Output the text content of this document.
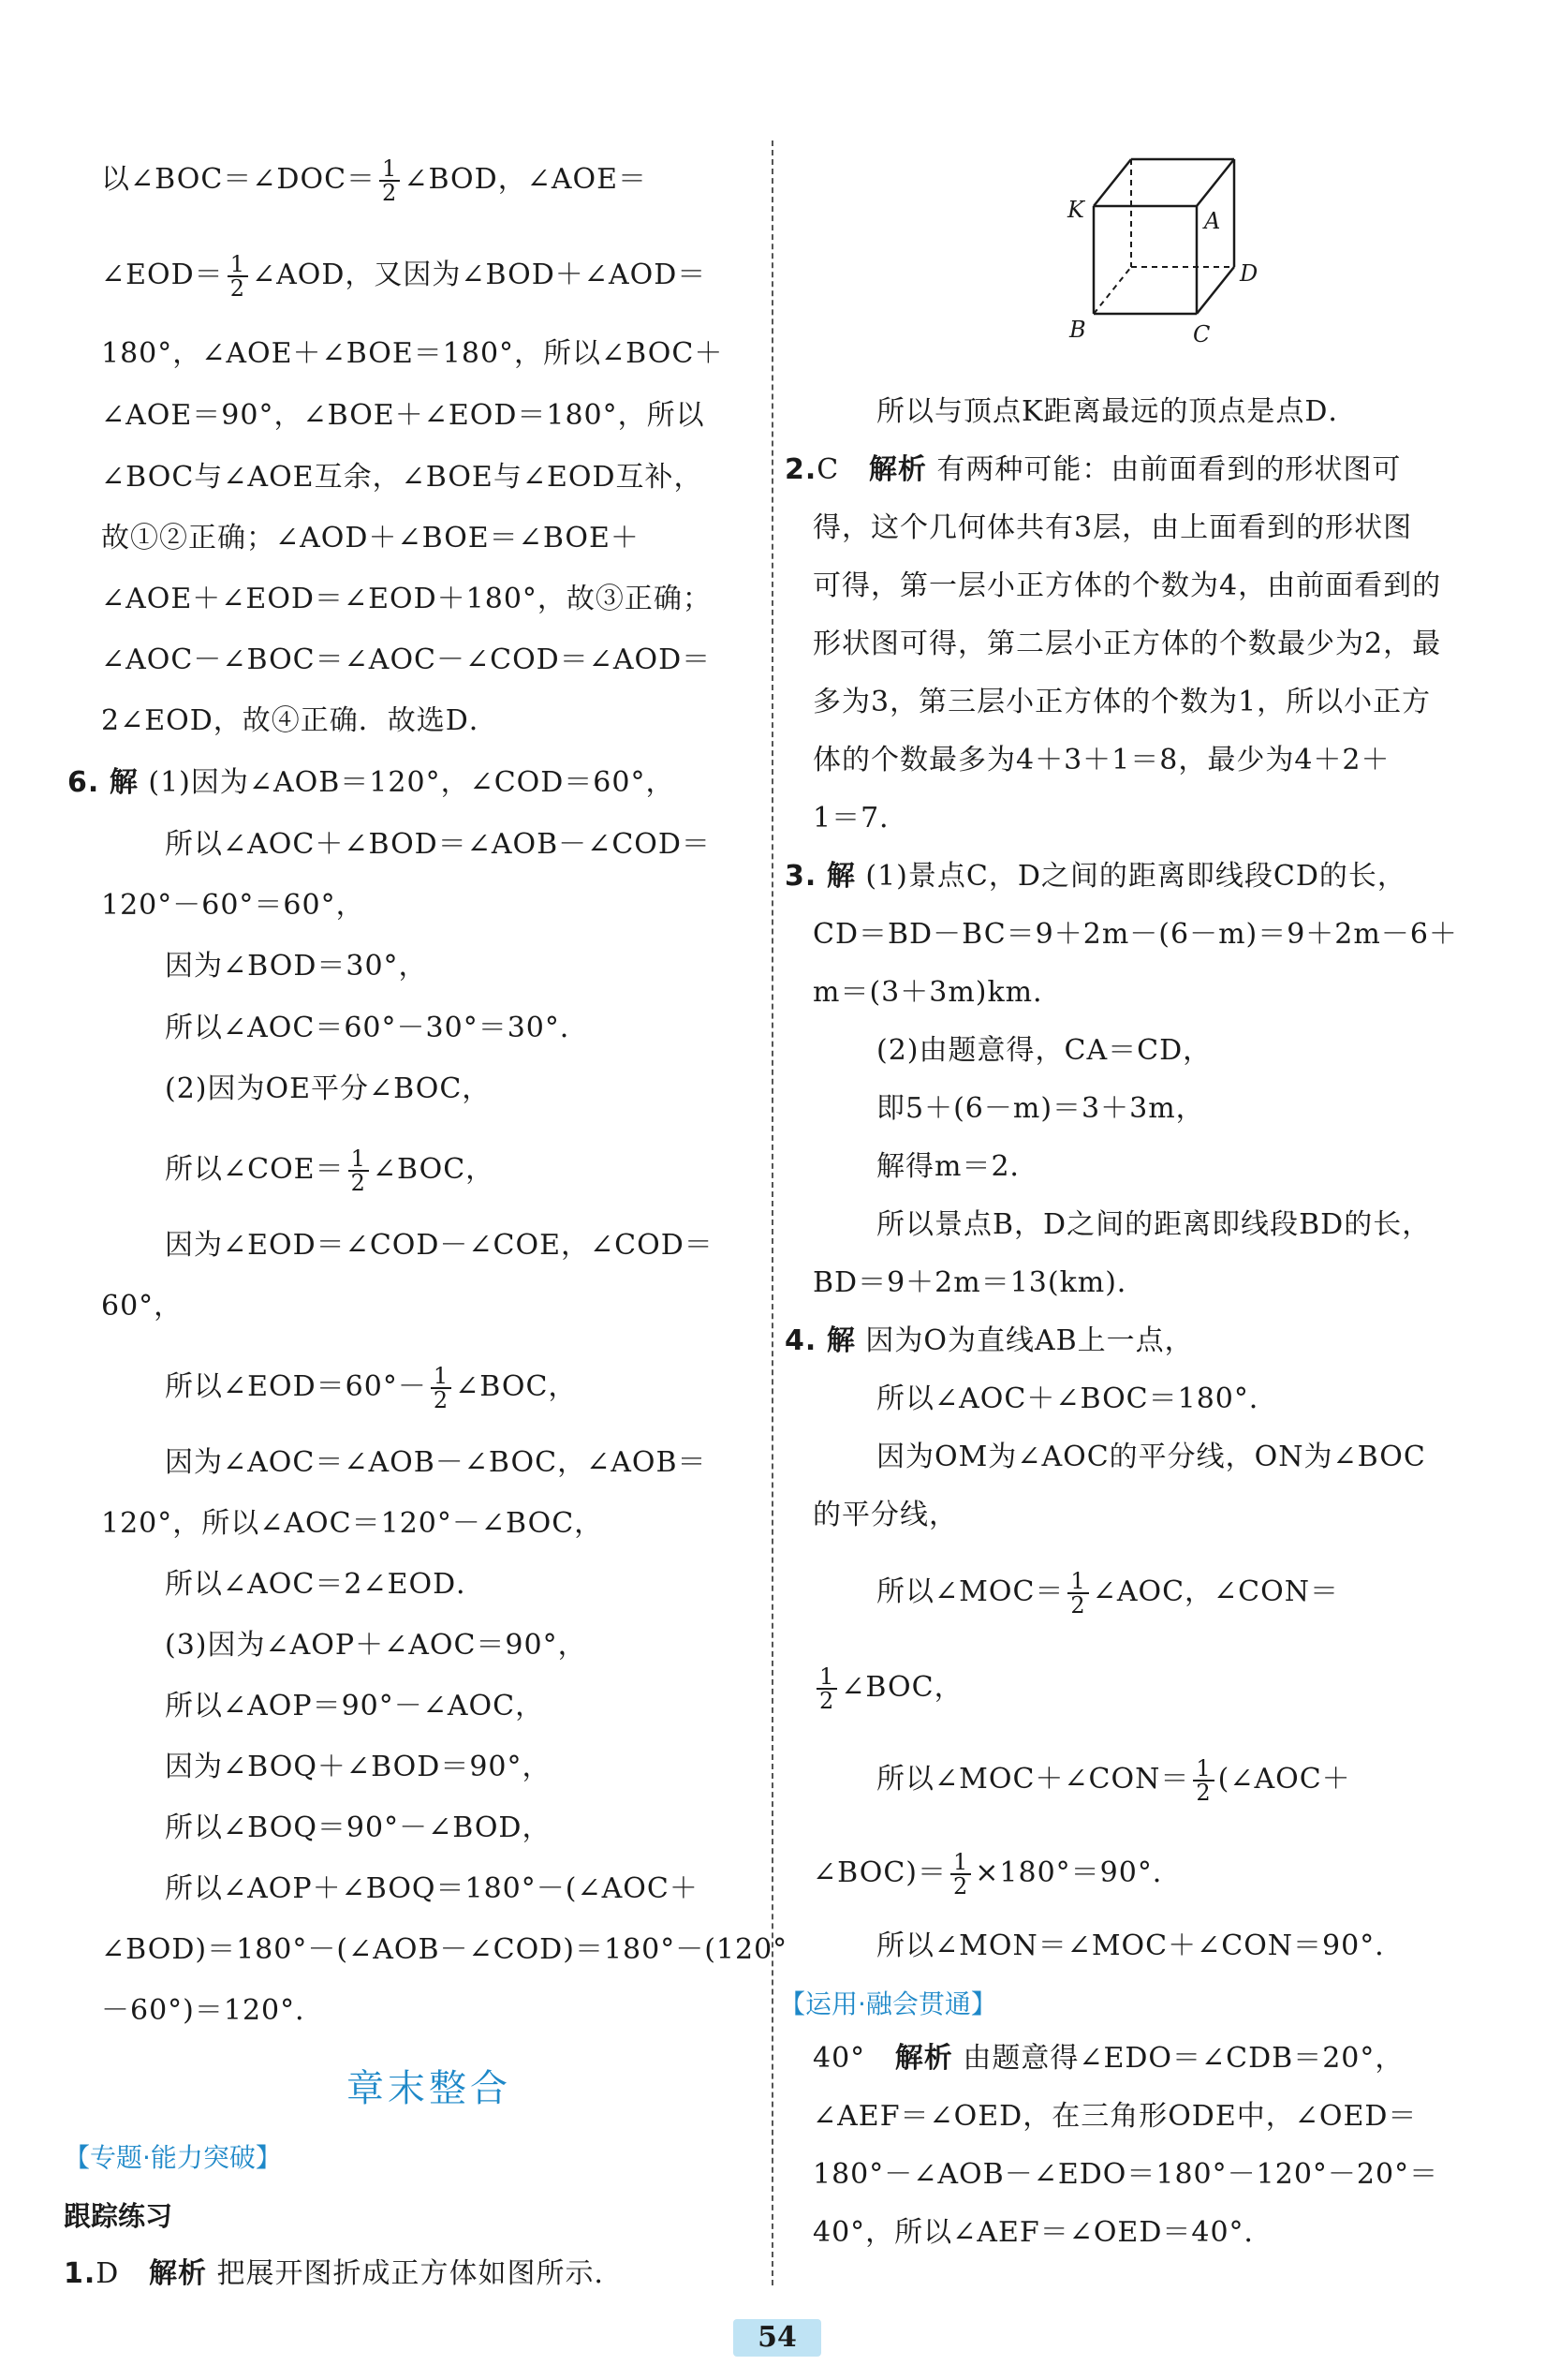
以∠BOC＝∠DOC＝ $\frac{1}{2}$ ∠BOD，∠AOE＝
∠EOD＝ $\frac{1}{2}$ ∠AOD，又因为∠BOD＋∠AOD＝
180°，∠AOE＋∠BOE＝180°，所以∠BOC＋
∠AOE＝90°，∠BOE＋∠EOD＝180°，所以
∠BOC与∠AOE互余，∠BOE与∠EOD互补，
故①②正确；∠AOD＋∠BOE＝∠BOE＋
∠AOE＋∠EOD＝∠EOD＋180°，故③正确；
∠AOC－∠BOC＝∠AOC－∠COD＝∠AOD＝
2∠EOD，故④正确．故选D．
6. 解 (1)因为∠AOB＝120°，∠COD＝60°，
所以∠AOC＋∠BOD＝∠AOB－∠COD＝
120°－60°＝60°，
因为∠BOD＝30°，
所以∠AOC＝60°－30°＝30°．
(2)因为OE平分∠BOC，
所以∠COE＝ $\frac{1}{2}$ ∠BOC，
因为∠EOD＝∠COD－∠COE，∠COD＝
60°，
所以∠EOD＝60°－ $\frac{1}{2}$ ∠BOC，
因为∠AOC＝∠AOB－∠BOC，∠AOB＝
120°，所以∠AOC＝120°－∠BOC，
所以∠AOC＝2∠EOD．
(3)因为∠AOP＋∠AOC＝90°，
所以∠AOP＝90°－∠AOC，
因为∠BOQ＋∠BOD＝90°，
所以∠BOQ＝90°－∠BOD，
所以∠AOP＋∠BOQ＝180°－(∠AOC＋
∠BOD)＝180°－(∠AOB－∠COD)＝180°－(120°
－60°)＝120°．
章末整合
【专题·能力突破】
跟踪练习
1.D 解析 把展开图折成正方体如图所示．
K	A
D
B	C
所以与顶点K距离最远的顶点是点D．
2.C 解析 有两种可能：由前面看到的形状图可
得，这个几何体共有3层，由上面看到的形状图
可得，第一层小正方体的个数为4，由前面看到的
形状图可得，第二层小正方体的个数最少为2，最
多为3，第三层小正方体的个数为1，所以小正方
体的个数最多为4＋3＋1＝8，最少为4＋2＋
1＝7．
3. 解 (1)景点C，D之间的距离即线段CD的长，
CD＝BD－BC＝9＋2m－(6－m)＝9＋2m－6＋
m＝(3＋3m)km．
(2)由题意得，CA＝CD，
即5＋(6－m)＝3＋3m，
解得m＝2．
所以景点B，D之间的距离即线段BD的长，
BD＝9＋2m＝13(km)．
4. 解 因为O为直线AB上一点，
所以∠AOC＋∠BOC＝180°．
因为OM为∠AOC的平分线，ON为∠BOC
的平分线，
所以∠MOC＝ $\frac{1}{2}$ ∠AOC，∠CON＝
$\frac{1}{2}$ ∠BOC，
所以∠MOC＋∠CON＝ $\frac{1}{2}$ (∠AOC＋
∠BOC)＝ $\frac{1}{2} \times 180^\circ=90^\circ$．
所以∠MON＝∠MOC＋∠CON＝90°．
【运用·融会贯通】
40° 解析 由题意得∠EDO＝∠CDB＝20°，
∠AEF＝∠OED，在三角形ODE中，∠OED＝
180°－∠AOB－∠EDO＝180°－120°－20°＝
40°，所以∠AEF＝∠OED＝40°．
54
